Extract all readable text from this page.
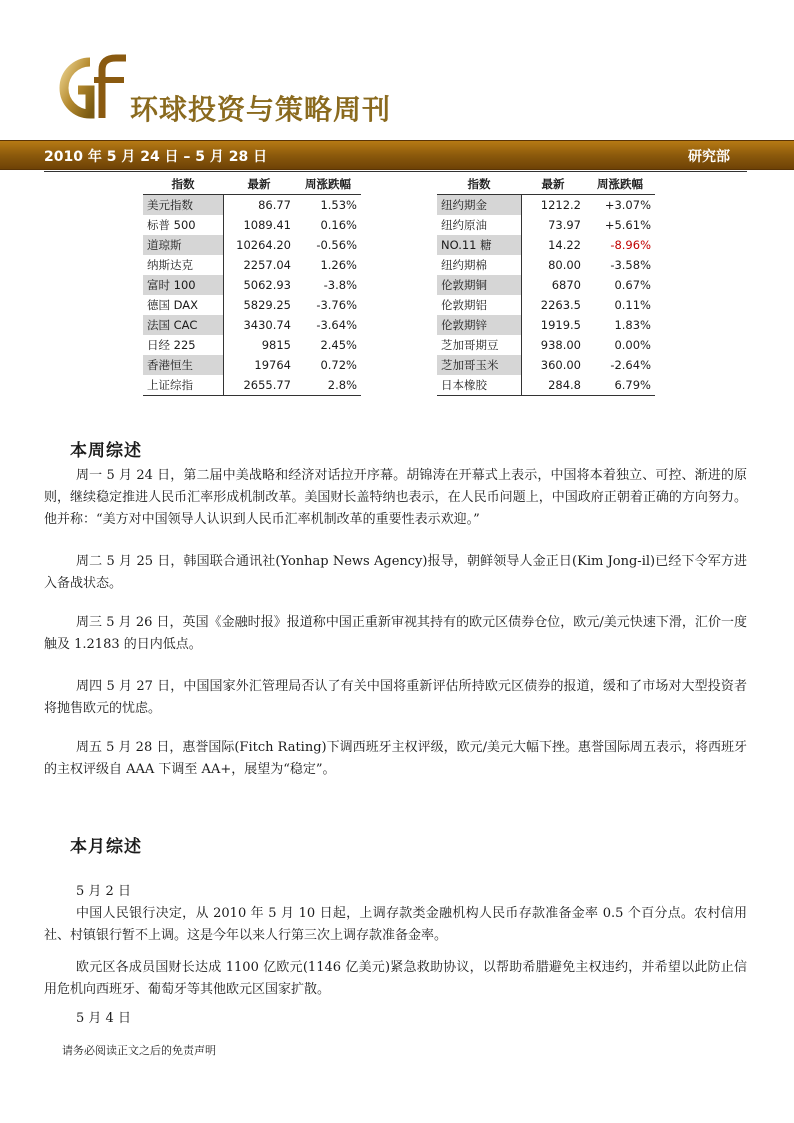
环球投资与策略周刊
2010 年 5 月 24 日 – 5 月 28 日	研究部
指数	最新	周涨跌幅
美元指数	86.77	1.53%
标普 500	1089.41	0.16%
道琼斯	10264.20	-0.56%
纳斯达克	2257.04	1.26%
富时 100	5062.93	-3.8%
德国 DAX	5829.25	-3.76%
法国 CAC	3430.74	-3.64%
日经 225	9815	2.45%
香港恒生	19764	0.72%
上证综指	2655.77	2.8%
指数	最新	周涨跌幅
纽约期金	1212.2	+3.07%
纽约原油	73.97	+5.61%
NO.11 糖	14.22	-8.96%
纽约期棉	80.00	-3.58%
伦敦期铜	6870	0.67%
伦敦期铝	2263.5	0.11%
伦敦期锌	1919.5	1.83%
芝加哥期豆	938.00	0.00%
芝加哥玉米	360.00	-2.64%
日本橡胶	284.8	6.79%
本周综述

周一 5 月 24 日，第二届中美战略和经济对话拉开序幕。胡锦涛在开幕式上表示，中国将本着独立、可控、渐进的原则，继续稳定推进人民币汇率形成机制改革。美国财长盖特纳也表示，在人民币问题上，中国政府正朝着正确的方向努力。他并称：“美方对中国领导人认识到人民币汇率机制改革的重要性表示欢迎。”

周二 5 月 25 日，韩国联合通讯社(Yonhap News Agency)报导，朝鲜领导人金正日(Kim Jong-il)已经下令军方进入备战状态。

周三 5 月 26 日，英国《金融时报》报道称中国正重新审视其持有的欧元区债券仓位，欧元/美元快速下滑，汇价一度触及 1.2183 的日内低点。

周四 5 月 27 日，中国国家外汇管理局否认了有关中国将重新评估所持欧元区债券的报道，缓和了市场对大型投资者将抛售欧元的忧虑。

周五 5 月 28 日，惠誉国际(Fitch Rating)下调西班牙主权评级，欧元/美元大幅下挫。惠誉国际周五表示，将西班牙的主权评级自 AAA 下调至 AA+，展望为“稳定”。

本月综述

5 月 2 日

中国人民银行决定，从 2010 年 5 月 10 日起，上调存款类金融机构人民币存款准备金率 0.5 个百分点。农村信用社、村镇银行暂不上调。这是今年以来人行第三次上调存款准备金率。

欧元区各成员国财长达成 1100 亿欧元(1146 亿美元)紧急救助协议，以帮助希腊避免主权违约，并希望以此防止信用危机向西班牙、葡萄牙等其他欧元区国家扩散。

5 月 4 日

请务必阅读正文之后的免责声明
